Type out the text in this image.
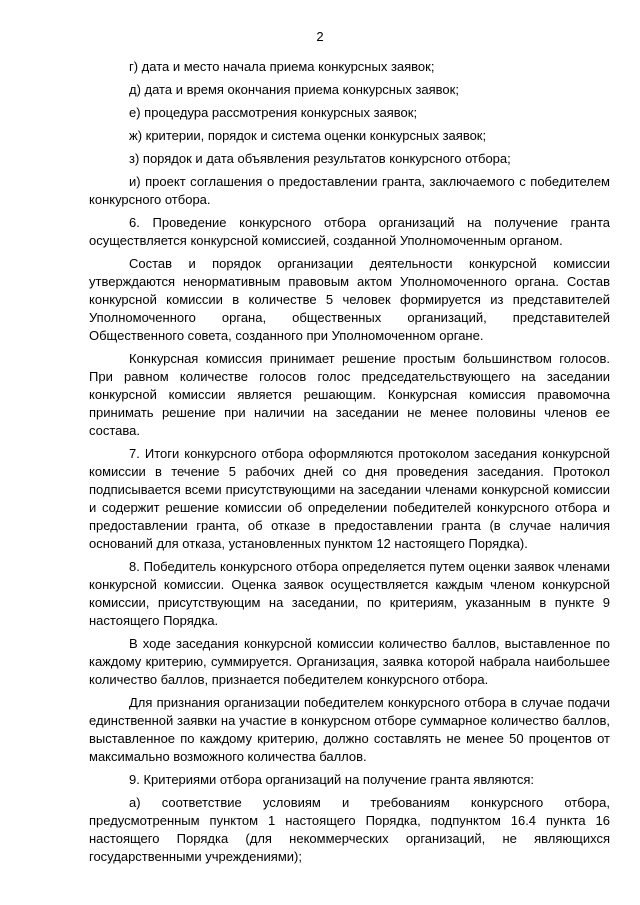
2

г) дата и место начала приема конкурсных заявок;

д) дата и время окончания приема конкурсных заявок;

е) процедура рассмотрения конкурсных заявок;

ж) критерии, порядок и система оценки конкурсных заявок;

з) порядок и дата объявления результатов конкурсного отбора;

и) проект соглашения о предоставлении гранта, заключаемого с победителем конкурсного отбора.

6. Проведение конкурсного отбора организаций на получение гранта осуществляется конкурсной комиссией, созданной Уполномоченным органом.

Состав и порядок организации деятельности конкурсной комиссии утверждаются ненормативным правовым актом Уполномоченного органа. Состав конкурсной комиссии в количестве 5 человек формируется из представителей Уполномоченного органа, общественных организаций, представителей Общественного совета, созданного при Уполномоченном органе.

Конкурсная комиссия принимает решение простым большинством голосов. При равном количестве голосов голос председательствующего на заседании конкурсной комиссии является решающим. Конкурсная комиссия правомочна принимать решение при наличии на заседании не менее половины членов ее состава.

7. Итоги конкурсного отбора оформляются протоколом заседания конкурсной комиссии в течение 5 рабочих дней со дня проведения заседания. Протокол подписывается всеми присутствующими на заседании членами конкурсной комиссии и содержит решение комиссии об определении победителей конкурсного отбора и предоставлении гранта, об отказе в предоставлении гранта (в случае наличия оснований для отказа, установленных пунктом 12 настоящего Порядка).

8. Победитель конкурсного отбора определяется путем оценки заявок членами конкурсной комиссии. Оценка заявок осуществляется каждым членом конкурсной комиссии, присутствующим на заседании, по критериям, указанным в пункте 9 настоящего Порядка.

В ходе заседания конкурсной комиссии количество баллов, выставленное по каждому критерию, суммируется. Организация, заявка которой набрала наибольшее количество баллов, признается победителем конкурсного отбора.

Для признания организации победителем конкурсного отбора в случае подачи единственной заявки на участие в конкурсном отборе суммарное количество баллов, выставленное по каждому критерию, должно составлять не менее 50 процентов от максимально возможного количества баллов.

9. Критериями отбора организаций на получение гранта являются:

а) соответствие условиям и требованиям конкурсного отбора, предусмотренным пунктом 1 настоящего Порядка, подпунктом 16.4 пункта 16 настоящего Порядка (для некоммерческих организаций, не являющихся государственными учреждениями);
